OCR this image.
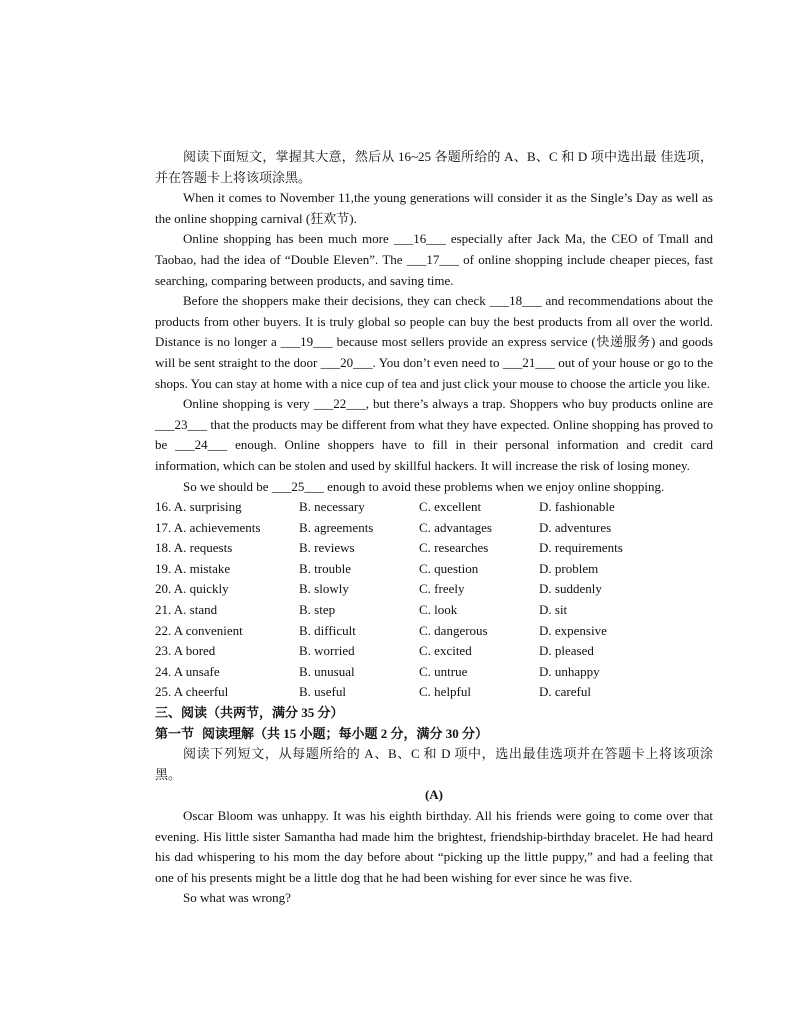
阅读下面短文，掌握其大意，然后从 16~25 各题所给的 A、B、C 和 D 项中选出最 佳选项，并在答题卡上将该项涂黑。

When it comes to November 11,the young generations will consider it as the Single’s Day as well as the online shopping carnival (狂欢节).

Online shopping has been much more ___16___ especially after Jack Ma, the CEO of Tmall and Taobao, had the idea of “Double Eleven”. The ___17___ of online shopping include cheaper pieces, fast searching, comparing between products, and saving time.

Before the shoppers make their decisions, they can check ___18___ and recommendations about the products from other buyers. It is truly global so people can buy the best products from all over the world. Distance is no longer a ___19___ because most sellers provide an express service (快递服务) and goods will be sent straight to the door ___20___. You don’t even need to ___21___ out of your house or go to the shops. You can stay at home with a nice cup of tea and just click your mouse to choose the article you like.

Online shopping is very ___22___, but there’s always a trap. Shoppers who buy products online are ___23___ that the products may be different from what they have expected. Online shopping has proved to be ___24___ enough. Online shoppers have to fill in their personal information and credit card information, which can be stolen and used by skillful hackers. It will increase the risk of losing money.

So we should be ___25___ enough to avoid these problems when we enjoy online shopping.

16. A. surprising	B. necessary	C. excellent	D. fashionable
17. A. achievements	B. agreements	C. advantages	D. adventures
18. A. requests	B. reviews	C. researches	D. requirements
19. A. mistake	B. trouble	C. question	D. problem
20. A. quickly	B. slowly	C. freely	D. suddenly
21. A. stand	B. step	C. look	D. sit
22. A convenient	B. difficult	C. dangerous	D. expensive
23. A bored	B. worried	C. excited	D. pleased
24. A unsafe	B. unusual	C. untrue	D. unhappy
25. A cheerful	B. useful	C. helpful	D. careful

三、阅读（共两节，满分 35 分）

第一节 阅读理解（共 15 小题；每小题 2 分，满分 30 分）

阅读下列短文，从每题所给的 A、B、C 和 D 项中，选出最佳选项并在答题卡上将该项涂黑。

(A)

Oscar Bloom was unhappy. It was his eighth birthday. All his friends were going to come over that evening. His little sister Samantha had made him the brightest, friendship-birthday bracelet. He had heard his dad whispering to his mom the day before about “picking up the little puppy,” and had a feeling that one of his presents might be a little dog that he had been wishing for ever since he was five.

So what was wrong?
